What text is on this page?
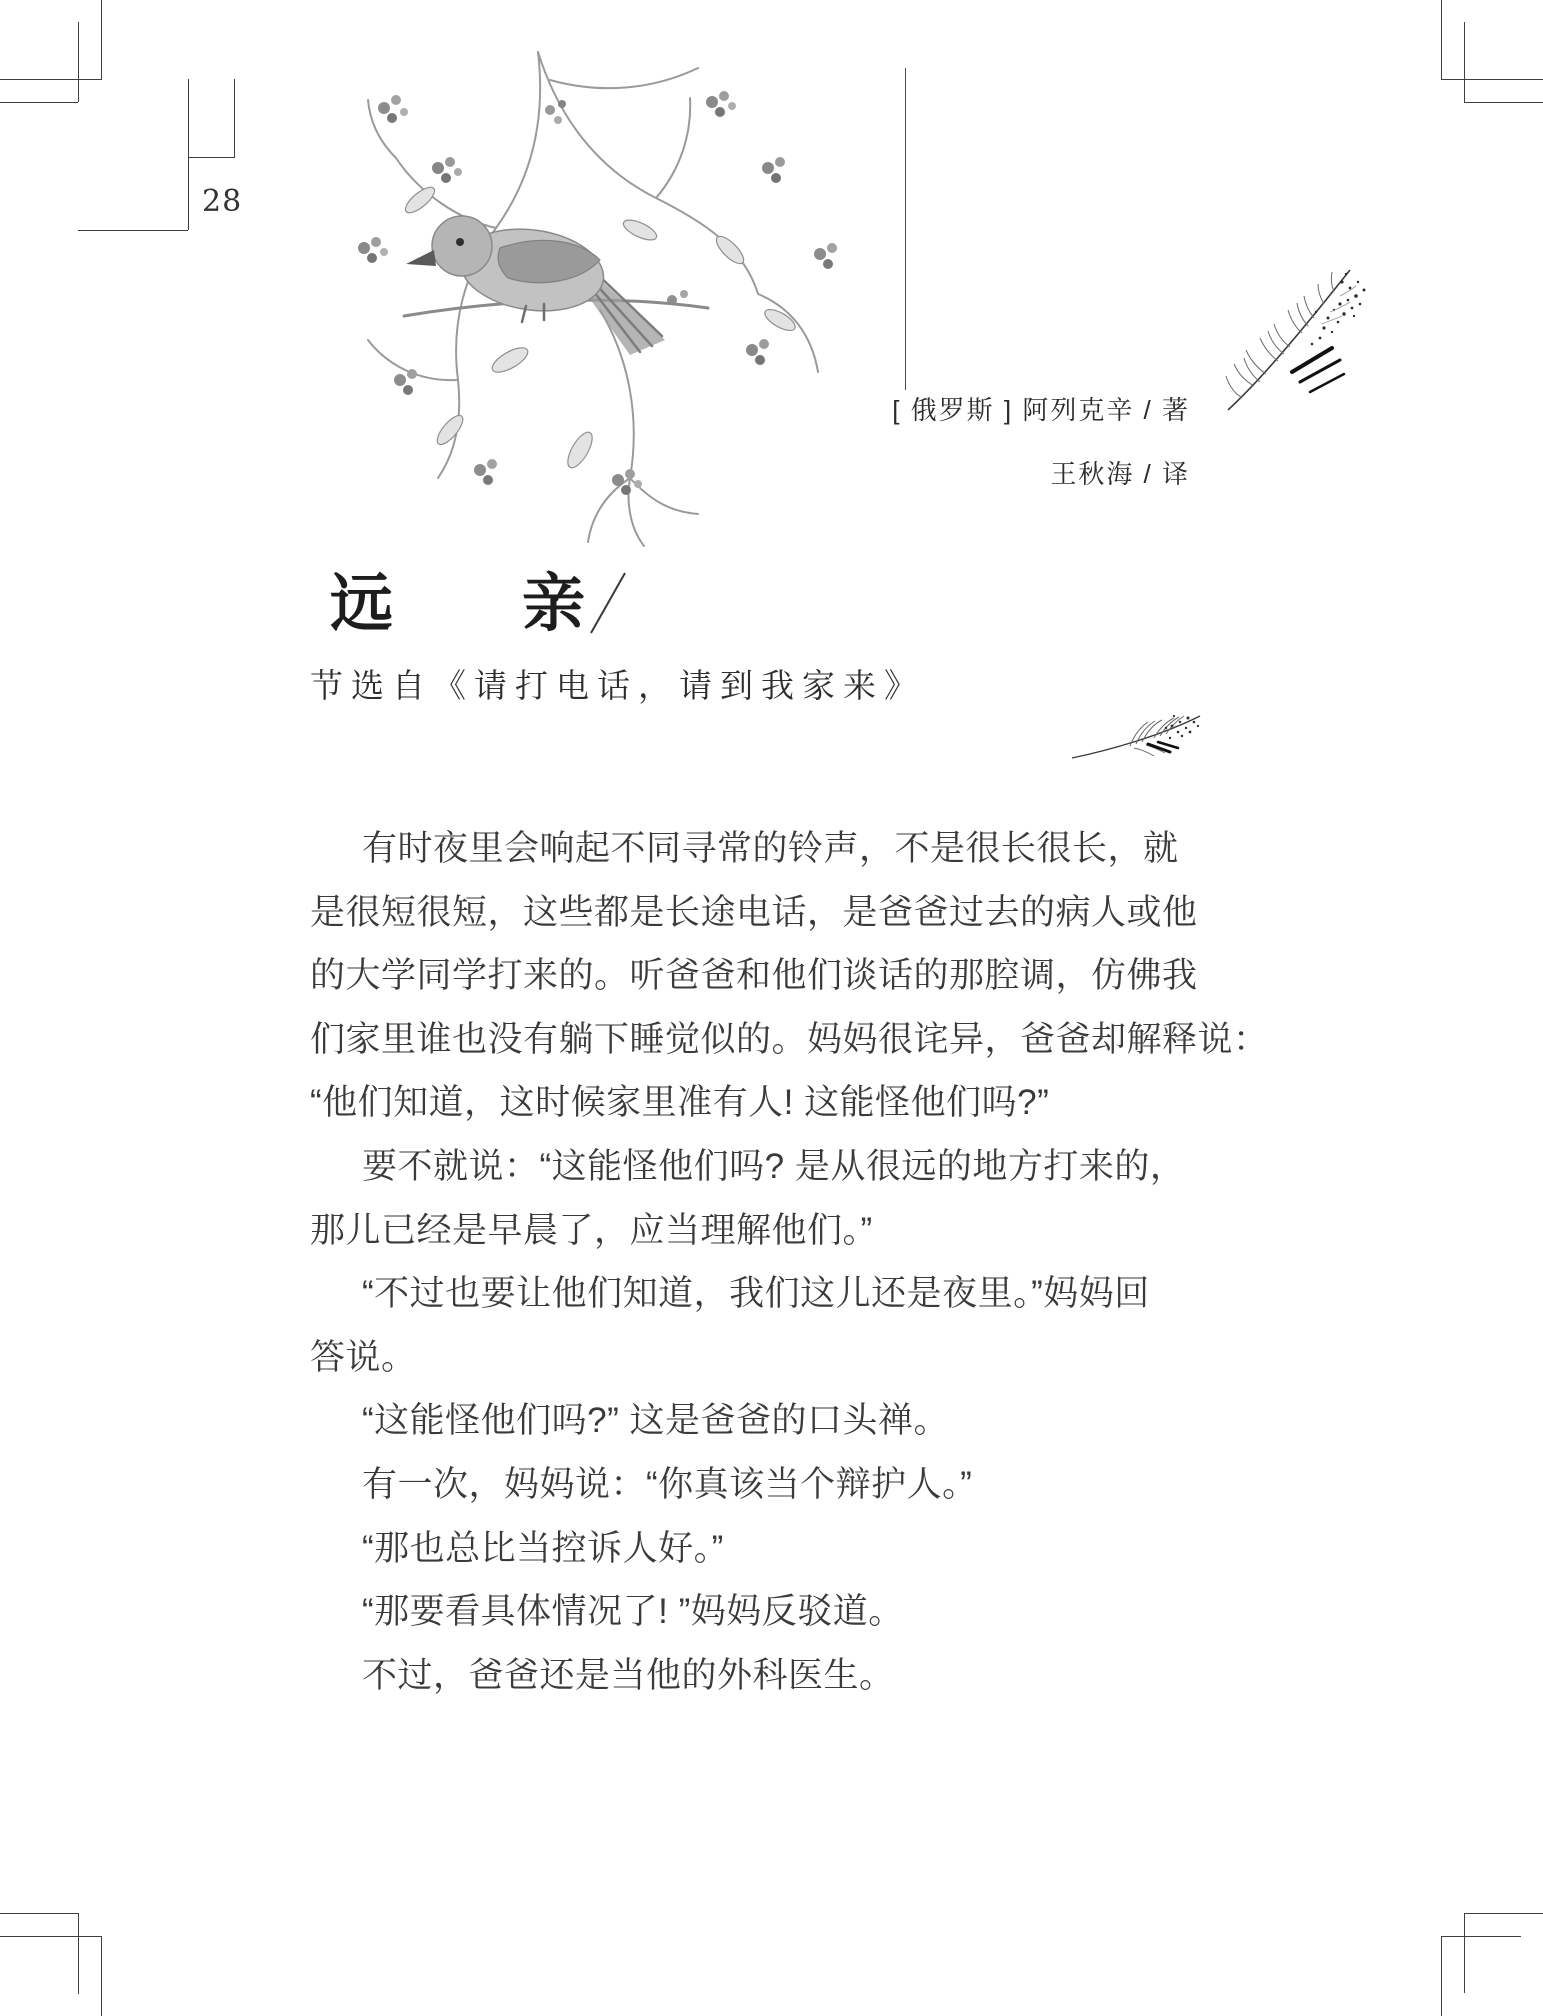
28
[ 俄罗斯 ] 阿列克辛 / 著
王秋海 / 译
远　　亲
节选自《请打电话，请到我家来》
有时夜里会响起不同寻常的铃声，不是很长很长，就
是很短很短，这些都是长途电话，是爸爸过去的病人或他
的大学同学打来的。听爸爸和他们谈话的那腔调，仿佛我
们家里谁也没有躺下睡觉似的。妈妈很诧异，爸爸却解释说：
“他们知道，这时候家里准有人! 这能怪他们吗?”
要不就说：“这能怪他们吗? 是从很远的地方打来的，
那儿已经是早晨了，应当理解他们。”
“不过也要让他们知道，我们这儿还是夜里。”妈妈回
答说。
“这能怪他们吗?” 这是爸爸的口头禅。
有一次，妈妈说：“你真该当个辩护人。”
“那也总比当控诉人好。”
“那要看具体情况了! ”妈妈反驳道。
不过，爸爸还是当他的外科医生。
